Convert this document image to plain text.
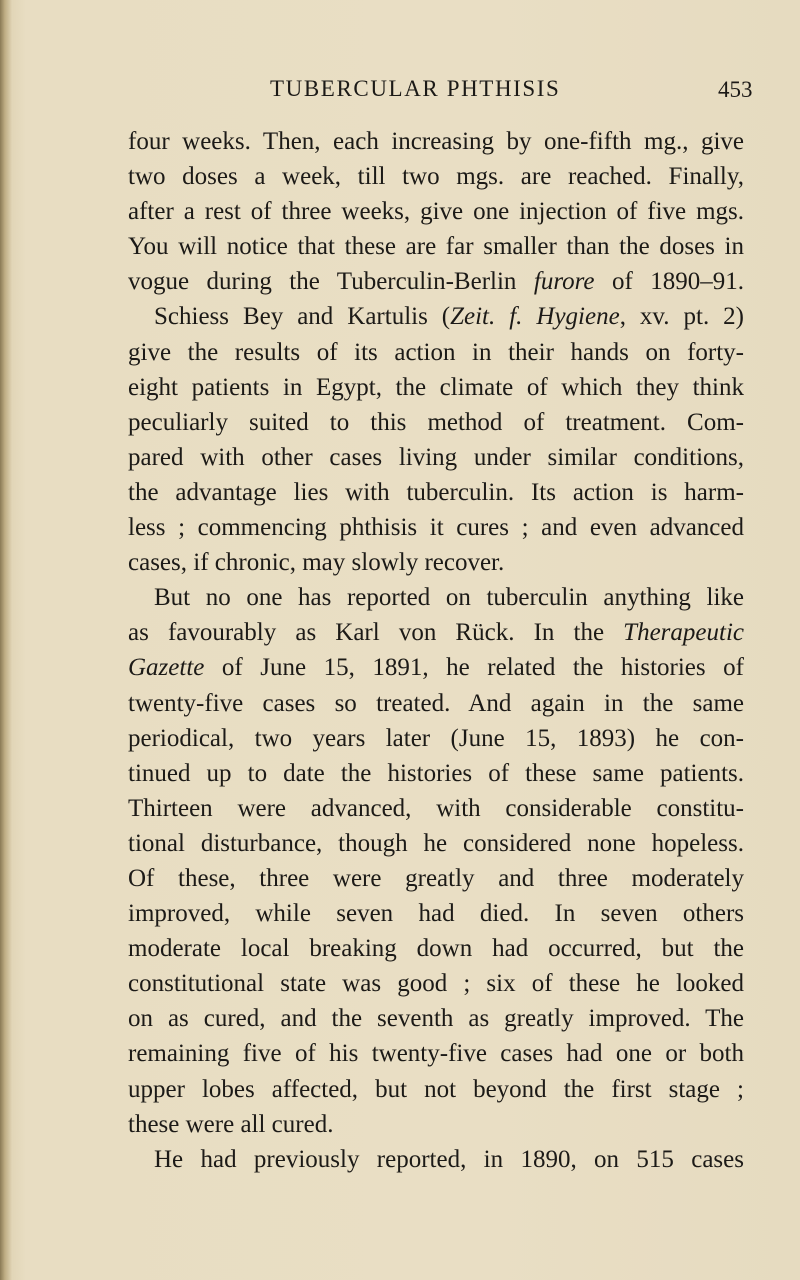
TUBERCULAR PHTHISIS	453
four weeks. Then, each increasing by one-fifth mg., give
two doses a week, till two mgs. are reached. Finally,
after a rest of three weeks, give one injection of five mgs.
You will notice that these are far smaller than the doses in
vogue during the Tuberculin-Berlin furore of 1890–91.
Schiess Bey and Kartulis (Zeit. f. Hygiene, xv. pt. 2)
give the results of its action in their hands on forty-
eight patients in Egypt, the climate of which they think
peculiarly suited to this method of treatment. Com-
pared with other cases living under similar conditions,
the advantage lies with tuberculin. Its action is harm-
less ; commencing phthisis it cures ; and even advanced
cases, if chronic, may slowly recover.
But no one has reported on tuberculin anything like
as favourably as Karl von Rück. In the Therapeutic
Gazette of June 15, 1891, he related the histories of
twenty-five cases so treated. And again in the same
periodical, two years later (June 15, 1893) he con-
tinued up to date the histories of these same patients.
Thirteen were advanced, with considerable constitu-
tional disturbance, though he considered none hopeless.
Of these, three were greatly and three moderately
improved, while seven had died. In seven others
moderate local breaking down had occurred, but the
constitutional state was good ; six of these he looked
on as cured, and the seventh as greatly improved. The
remaining five of his twenty-five cases had one or both
upper lobes affected, but not beyond the first stage ;
these were all cured.
He had previously reported, in 1890, on 515 cases
